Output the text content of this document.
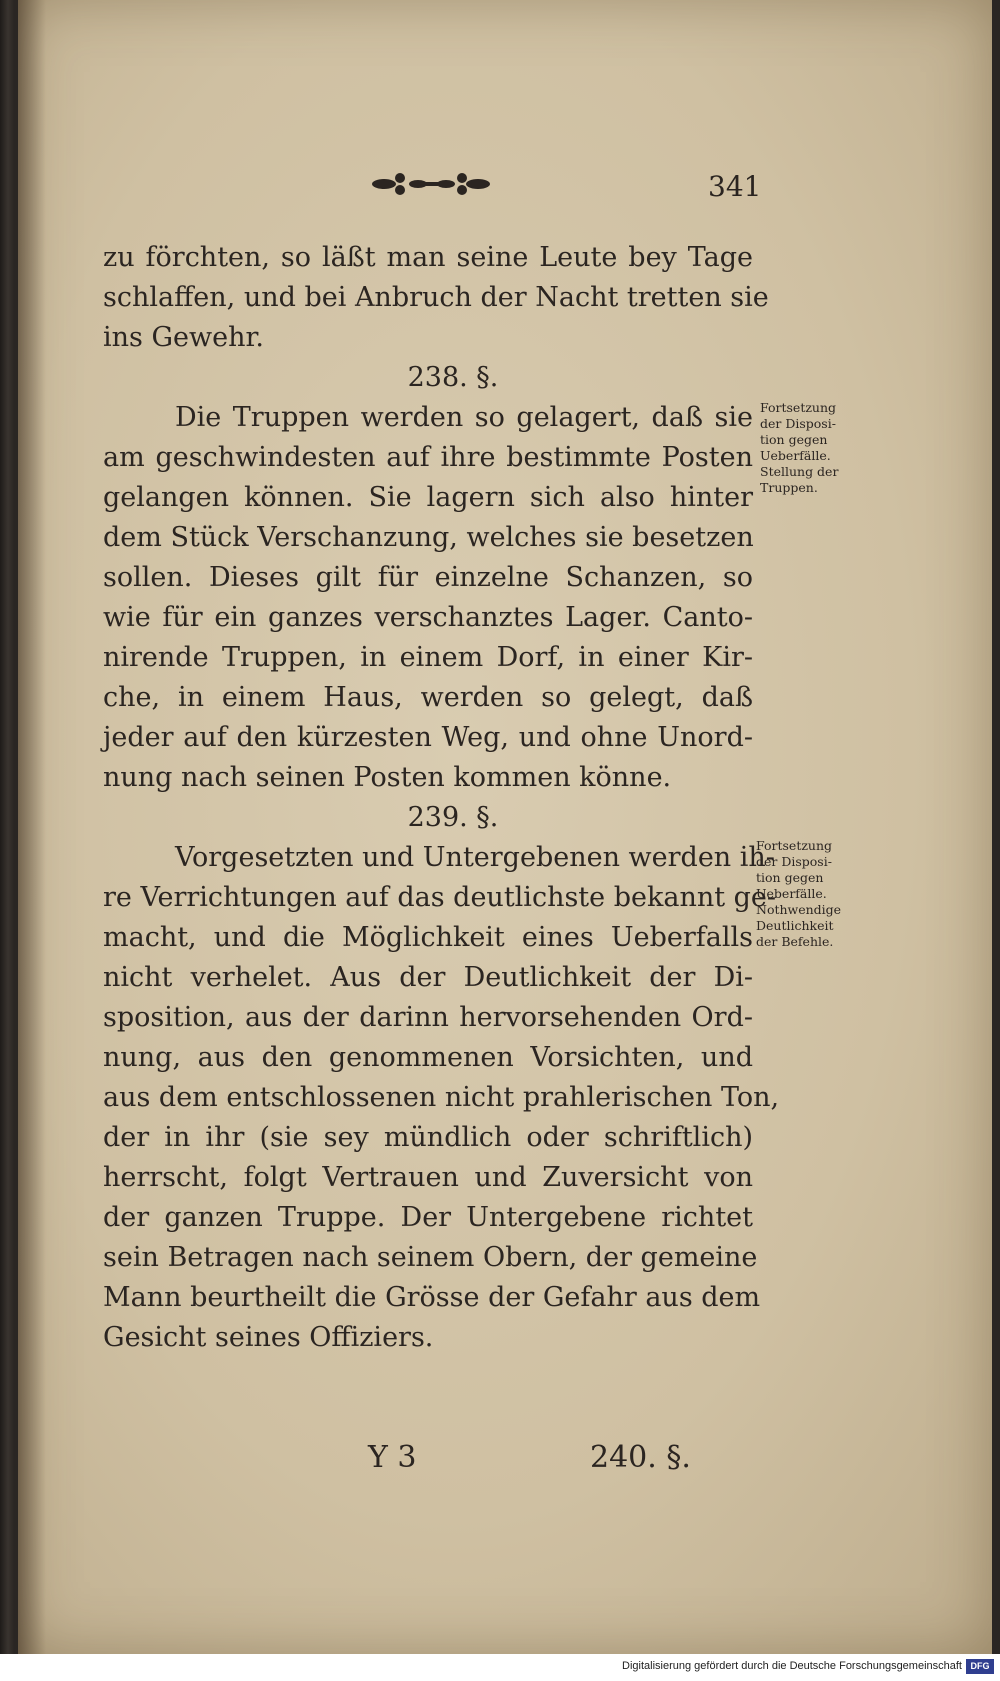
341
zu förchten, so läßt man seine Leute bey Tage
schlaffen, und bei Anbruch der Nacht tretten sie
ins Gewehr.
238. §.
Die Truppen werden so gelagert, daß sie
am geschwindesten auf ihre bestimmte Posten
gelangen können. Sie lagern sich also hinter
dem Stück Verschanzung, welches sie besetzen
sollen. Dieses gilt für einzelne Schanzen, so
wie für ein ganzes verschanztes Lager. Canto-
nirende Truppen, in einem Dorf, in einer Kir-
che, in einem Haus, werden so gelegt, daß
jeder auf den kürzesten Weg, und ohne Unord-
nung nach seinen Posten kommen könne.
239. §.
Vorgesetzten und Untergebenen werden ih-
re Verrichtungen auf das deutlichste bekannt ge-
macht, und die Möglichkeit eines Ueberfalls
nicht verhelet. Aus der Deutlichkeit der Di-
sposition, aus der darinn hervorsehenden Ord-
nung, aus den genommenen Vorsichten, und
aus dem entschlossenen nicht prahlerischen Ton,
der in ihr (sie sey mündlich oder schriftlich)
herrscht, folgt Vertrauen und Zuversicht von
der ganzen Truppe. Der Untergebene richtet
sein Betragen nach seinem Obern, der gemeine
Mann beurtheilt die Grösse der Gefahr aus dem
Gesicht seines Offiziers.
Fortsetzung
der Disposi-
tion gegen
Ueberfälle.
Stellung der
Truppen.
Fortsetzung
der Disposi-
tion gegen
Ueberfälle.
Nothwendige
Deutlichkeit
der Befehle.
Y 3	240. §.
Digitalisierung gefördert durch die Deutsche Forschungsgemeinschaft DFG
